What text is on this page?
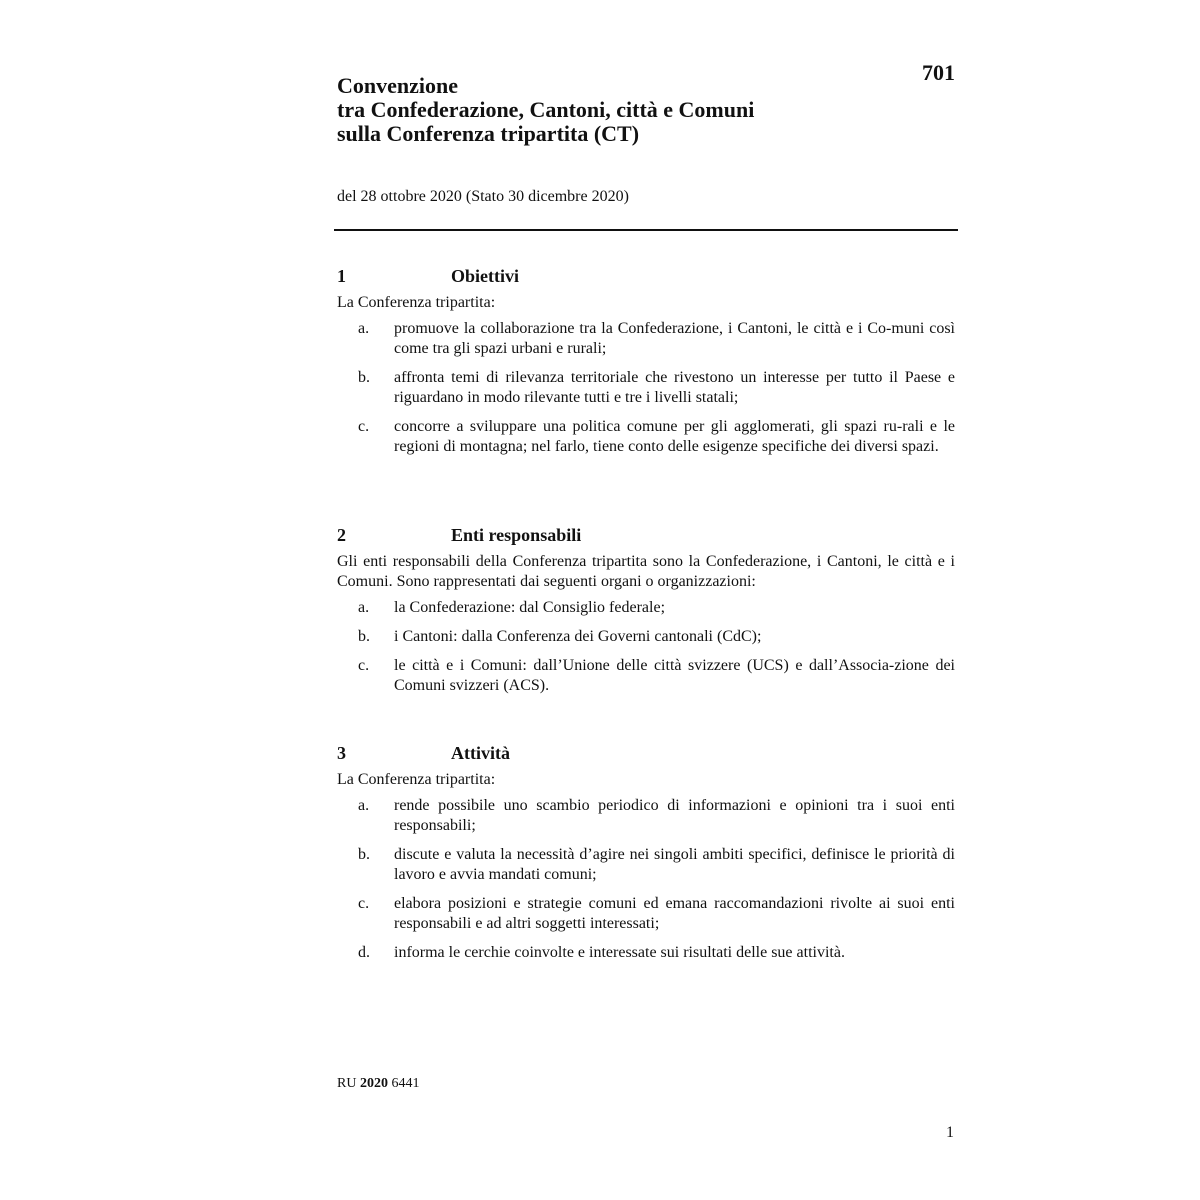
701
Convenzione
tra Confederazione, Cantoni, città e Comuni
sulla Conferenza tripartita (CT)
del 28 ottobre 2020 (Stato 30 dicembre 2020)
1	Obiettivi
La Conferenza tripartita:
a. promuove la collaborazione tra la Confederazione, i Cantoni, le città e i Co-muni così come tra gli spazi urbani e rurali;
b. affronta temi di rilevanza territoriale che rivestono un interesse per tutto il Paese e riguardano in modo rilevante tutti e tre i livelli statali;
c. concorre a sviluppare una politica comune per gli agglomerati, gli spazi ru-rali e le regioni di montagna; nel farlo, tiene conto delle esigenze specifiche dei diversi spazi.
2	Enti responsabili
Gli enti responsabili della Conferenza tripartita sono la Confederazione, i Cantoni, le città e i Comuni. Sono rappresentati dai seguenti organi o organizzazioni:
a. la Confederazione: dal Consiglio federale;
b. i Cantoni: dalla Conferenza dei Governi cantonali (CdC);
c. le città e i Comuni: dall’Unione delle città svizzere (UCS) e dall’Associa-zione dei Comuni svizzeri (ACS).
3	Attività
La Conferenza tripartita:
a. rende possibile uno scambio periodico di informazioni e opinioni tra i suoi enti responsabili;
b. discute e valuta la necessità d’agire nei singoli ambiti specifici, definisce le priorità di lavoro e avvia mandati comuni;
c. elabora posizioni e strategie comuni ed emana raccomandazioni rivolte ai suoi enti responsabili e ad altri soggetti interessati;
d. informa le cerchie coinvolte e interessate sui risultati delle sue attività.
RU 2020 6441
1
